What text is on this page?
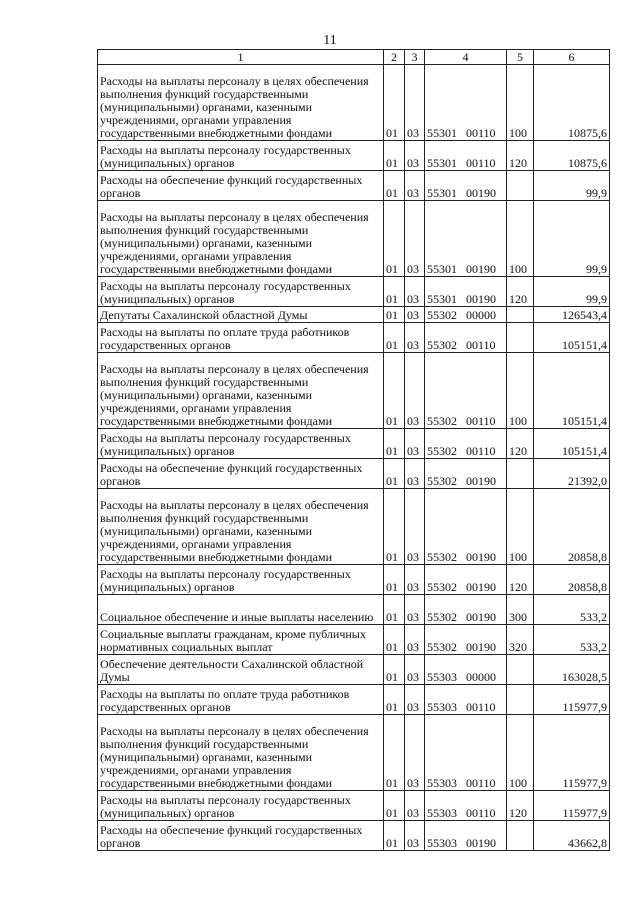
11
1	2	3	4	5	6
Расходы на выплаты персоналу в целях обеспечения выполнения функций государственными (муниципальными) органами, казенными учреждениями, органами управления государственными внебюджетными фондами	01	03	55301 00110	100	10875,6
Расходы на выплаты персоналу государственных (муниципальных) органов	01	03	55301 00110	120	10875,6
Расходы на обеспечение функций государственных органов	01	03	55301 00190		99,9
Расходы на выплаты персоналу в целях обеспечения выполнения функций государственными (муниципальными) органами, казенными учреждениями, органами управления государственными внебюджетными фондами	01	03	55301 00190	100	99,9
Расходы на выплаты персоналу государственных (муниципальных) органов	01	03	55301 00190	120	99,9
Депутаты Сахалинской областной Думы	01	03	55302 00000		126543,4
Расходы на выплаты по оплате труда работников государственных органов	01	03	55302 00110		105151,4
Расходы на выплаты персоналу в целях обеспечения выполнения функций государственными (муниципальными) органами, казенными учреждениями, органами управления государственными внебюджетными фондами	01	03	55302 00110	100	105151,4
Расходы на выплаты персоналу государственных (муниципальных) органов	01	03	55302 00110	120	105151,4
Расходы на обеспечение функций государственных органов	01	03	55302 00190		21392,0
Расходы на выплаты персоналу в целях обеспечения выполнения функций государственными (муниципальными) органами, казенными учреждениями, органами управления государственными внебюджетными фондами	01	03	55302 00190	100	20858,8
Расходы на выплаты персоналу государственных (муниципальных) органов	01	03	55302 00190	120	20858,8
Социальное обеспечение и иные выплаты населению	01	03	55302 00190	300	533,2
Социальные выплаты гражданам, кроме публичных нормативных социальных выплат	01	03	55302 00190	320	533,2
Обеспечение деятельности Сахалинской областной Думы	01	03	55303 00000		163028,5
Расходы на выплаты по оплате труда работников государственных органов	01	03	55303 00110		115977,9
Расходы на выплаты персоналу в целях обеспечения выполнения функций государственными (муниципальными) органами, казенными учреждениями, органами управления государственными внебюджетными фондами	01	03	55303 00110	100	115977,9
Расходы на выплаты персоналу государственных (муниципальных) органов	01	03	55303 00110	120	115977,9
Расходы на обеспечение функций государственных органов	01	03	55303 00190		43662,8
